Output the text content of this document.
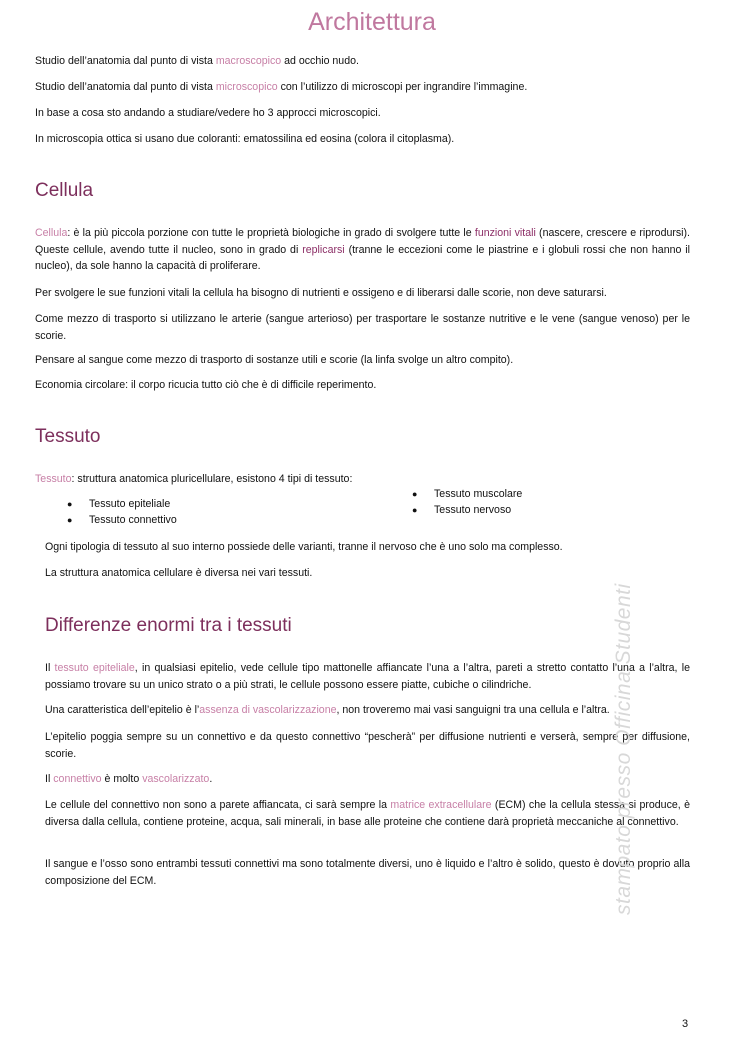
Architettura

Studio dell’anatomia dal punto di vista macroscopico ad occhio nudo.

Studio dell’anatomia dal punto di vista microscopico con l’utilizzo di microscopi per ingrandire l’immagine.

In base a cosa sto andando a studiare/vedere ho 3 approcci microscopici.

In microscopia ottica si usano due coloranti: ematossilina ed eosina (colora il citoplasma).

Cellula

Cellula: è la più piccola porzione con tutte le proprietà biologiche in grado di svolgere tutte le funzioni vitali (nascere, crescere e riprodursi). Queste cellule, avendo tutte il nucleo, sono in grado di replicarsi (tranne le eccezioni come le piastrine e i globuli rossi che non hanno il nucleo), da sole hanno la capacità di proliferare.

Per svolgere le sue funzioni vitali la cellula ha bisogno di nutrienti e ossigeno e di liberarsi dalle scorie, non deve saturarsi.

Come mezzo di trasporto si utilizzano le arterie (sangue arterioso) per trasportare le sostanze nutritive e le vene (sangue venoso) per le scorie.

Pensare al sangue come mezzo di trasporto di sostanze utili e scorie (la linfa svolge un altro compito).

Economia circolare: il corpo ricucia tutto ciò che è di difficile reperimento.

Tessuto

Tessuto: struttura anatomica pluricellulare, esistono 4 tipi di tessuto:

● Tessuto epiteliale
● Tessuto connettivo
● Tessuto muscolare
● Tessuto nervoso

Ogni tipologia di tessuto al suo interno possiede delle varianti, tranne il nervoso che è uno solo ma complesso.

La struttura anatomica cellulare è diversa nei vari tessuti.

Differenze enormi tra i tessuti

Il tessuto epiteliale, in qualsiasi epitelio, vede cellule tipo mattonelle affiancate l’una a l’altra, pareti a stretto contatto l’una a l’altra, le possiamo trovare su un unico strato o a più strati, le cellule possono essere piatte, cubiche o cilindriche.

Una caratteristica dell’epitelio è l’assenza di vascolarizzazione, non troveremo mai vasi sanguigni tra una cellula e l’altra.

L’epitelio poggia sempre su un connettivo e da questo connettivo “pescherà” per diffusione nutrienti e verserà, sempre per diffusione, scorie.

Il connettivo è molto vascolarizzato.

Le cellule del connettivo non sono a parete affiancata, ci sarà sempre la matrice extracellulare (ECM) che la cellula stessa si produce, è diversa dalla cellula, contiene proteine, acqua, sali minerali, in base alle proteine che contiene darà proprietà meccaniche al connettivo.

Il sangue e l’osso sono entrambi tessuti connettivi ma sono totalmente diversi, uno è liquido e l’altro è solido, questo è dovuto proprio alla composizione del ECM.	stampato presso Officina Studenti
3
